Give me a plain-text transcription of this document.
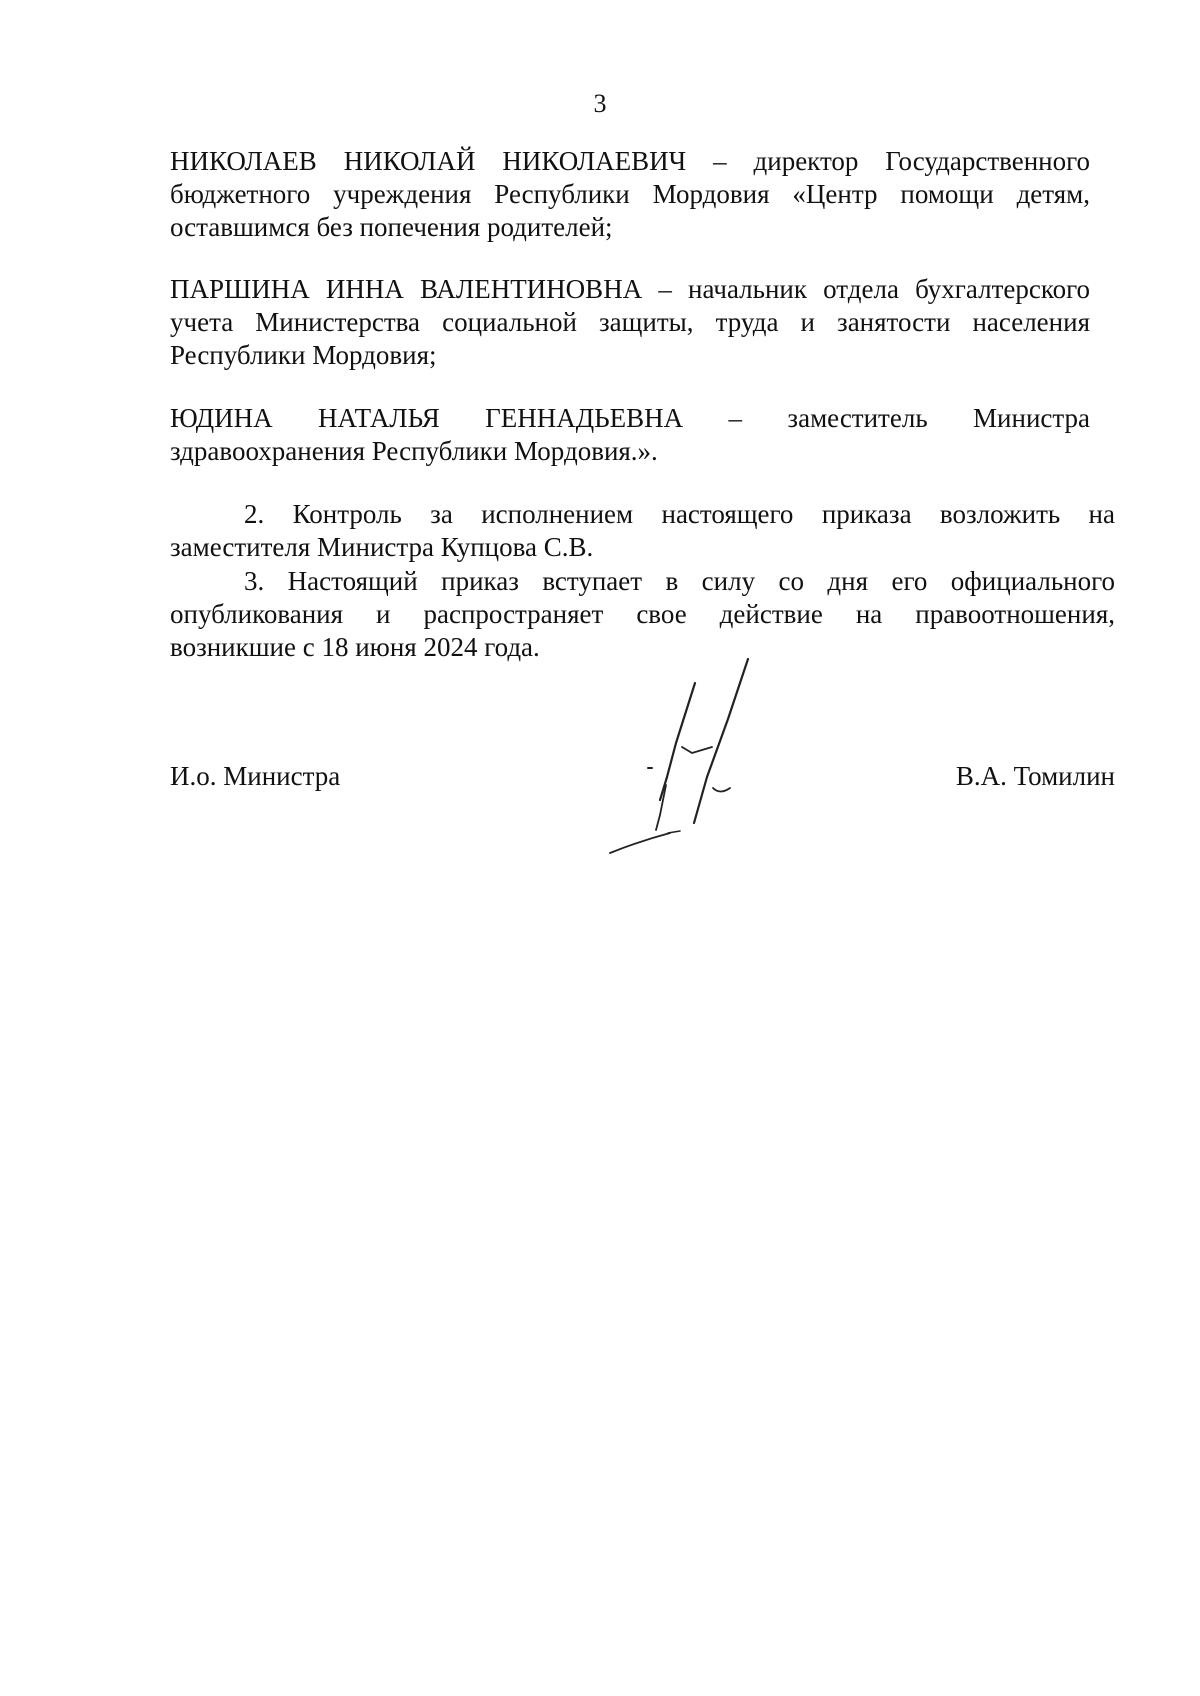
3
НИКОЛАЕВ НИКОЛАЙ НИКОЛАЕВИЧ – директор Государственного
бюджетного учреждения Республики Мордовия «Центр помощи детям,
оставшимся без попечения родителей;
ПАРШИНА ИННА ВАЛЕНТИНОВНА – начальник отдела бухгалтерского
учета Министерства социальной защиты, труда и занятости населения
Республики Мордовия;
ЮДИНА НАТАЛЬЯ ГЕННАДЬЕВНА – заместитель Министра
здравоохранения Республики Мордовия.».
2. Контроль за исполнением настоящего приказа возложить на
заместителя Министра Купцова С.В.
3. Настоящий приказ вступает в силу со дня его официального
опубликования и распространяет свое действие на правоотношения,
возникшие с 18 июня 2024 года.
И.о. Министра	В.А. Томилин
